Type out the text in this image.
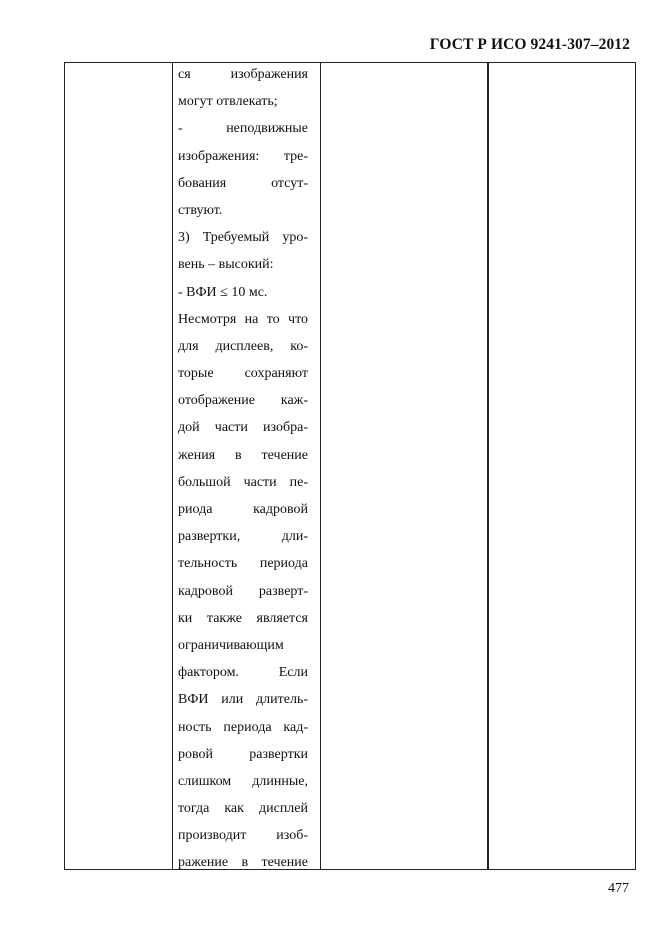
ГОСТ Р ИСО 9241-307–2012
ся изображения
могут отвлекать;
- неподвижные
изображения: тре-
бования отсут-
ствуют.
3) Требуемый уро-
вень – высокий:
- ВФИ ≤ 10 мс.
Несмотря на то что
для дисплеев, ко-
торые сохраняют
отображение каж-
дой части изобра-
жения в течение
большой части пе-
риода кадровой
развертки, дли-
тельность периода
кадровой разверт-
ки также является
ограничивающим
фактором. Если
ВФИ или длитель-
ность периода кад-
ровой развертки
слишком длинные,
тогда как дисплей
производит изоб-
ражение в течение
477
